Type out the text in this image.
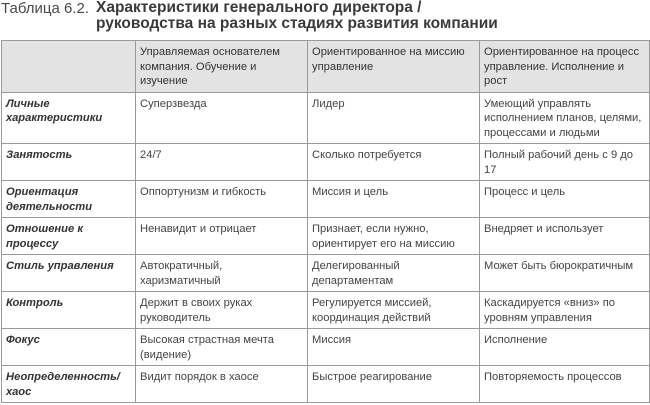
Таблица 6.2. Характеристики генерального директора /
руководства на разных стадиях развития компании
	Управляемая основателем компания. Обучение и изучение	Ориентированное на миссию управление	Ориентированное на процесс управление. Исполнение и рост
Личные характеристики	Суперзвезда	Лидер	Умеющий управлять исполнением планов, целями, процессами и людьми
Занятость	24/7	Сколько потребуется	Полный рабочий день с 9 до 17
Ориентация деятельности	Оппортунизм и гибкость	Миссия и цель	Процесс и цель
Отношение к процессу	Ненавидит и отрицает	Признает, если нужно, ориентирует его на миссию	Внедряет и использует
Стиль управления	Автократичный, харизматичный	Делегированный департаментам	Может быть бюрократичным
Контроль	Держит в своих руках руководитель	Регулируется миссией, координация действий	Каскадируется «вниз» по уровням управления
Фокус	Высокая страстная мечта (видение)	Миссия	Исполнение
Неопределенность/ хаос	Видит порядок в хаосе	Быстрое реагирование	Повторяемость процессов
